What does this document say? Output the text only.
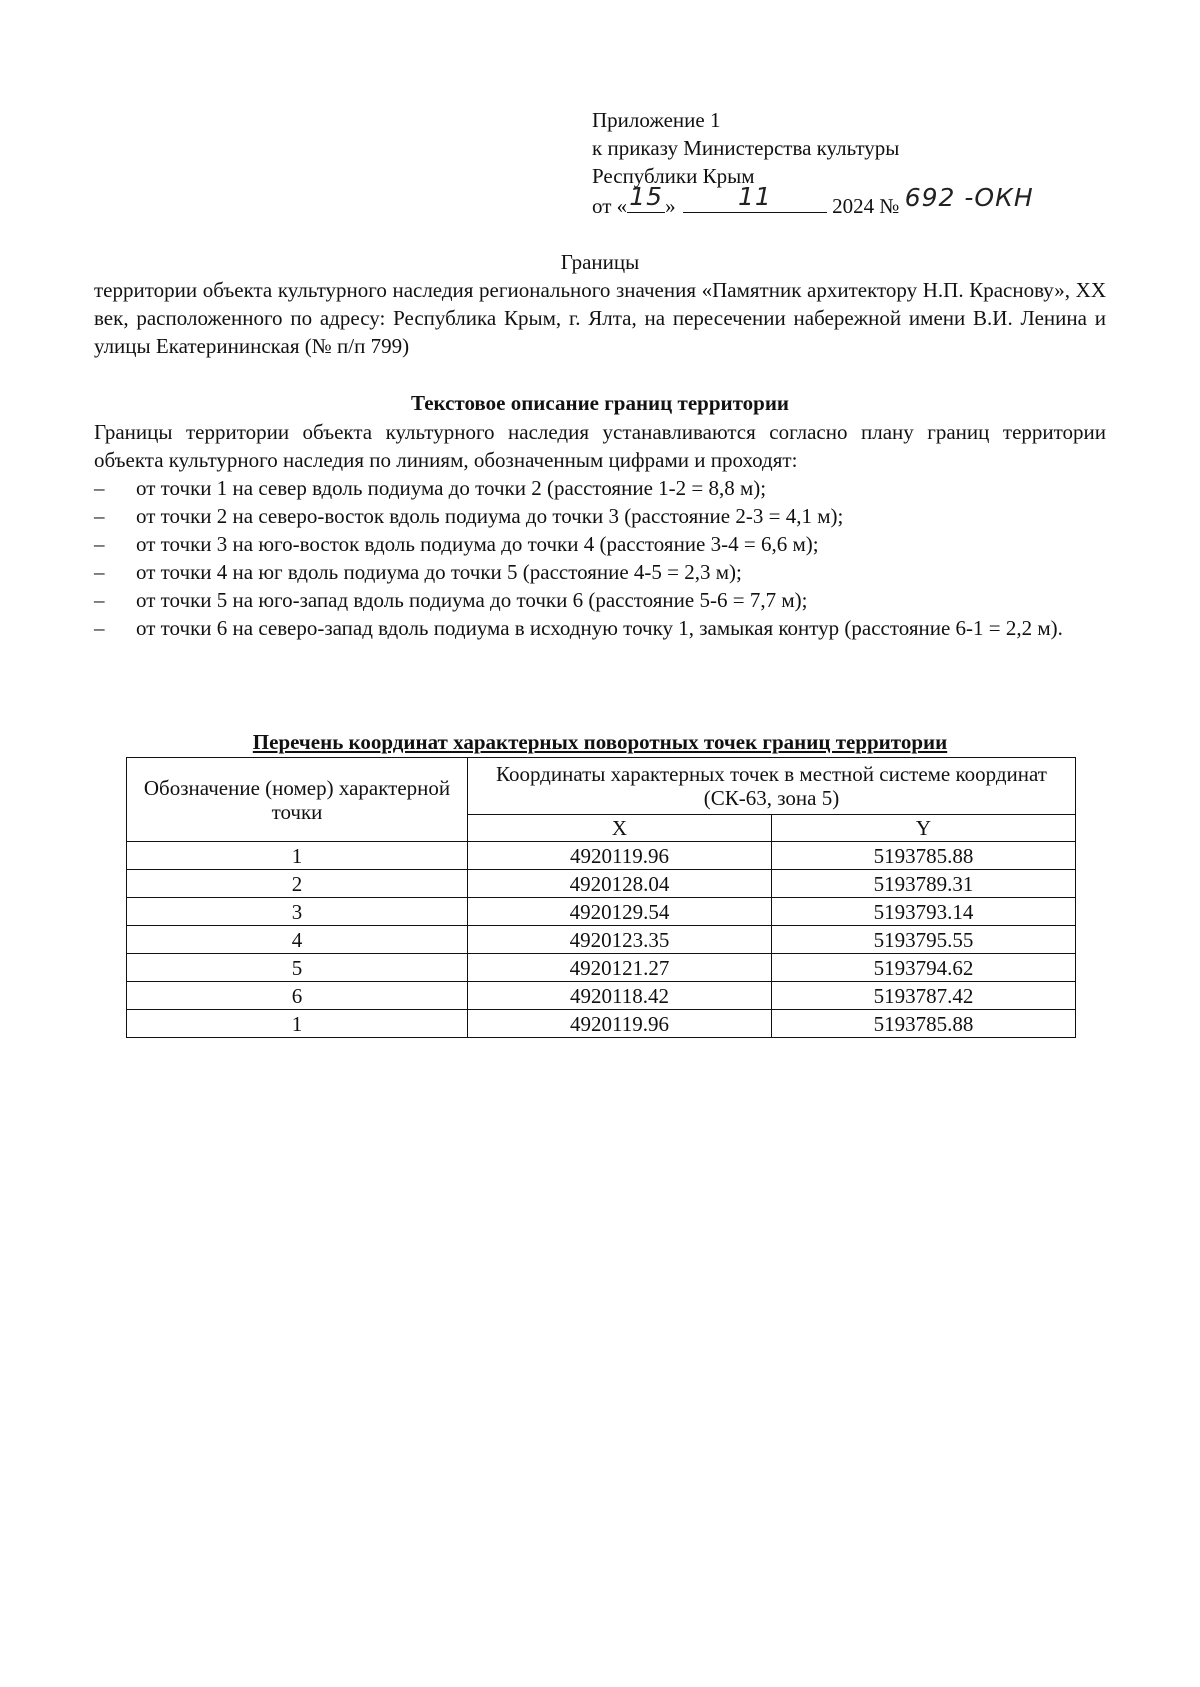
Приложение 1
к приказу Министерства культуры
Республики Крым
от « 15 »	11	2024 № 692 -ОКН
Границы
территории объекта культурного наследия регионального значения «Памятник архитектору Н.П. Краснову», XX век, расположенного по адресу: Республика Крым, г. Ялта, на пересечении набережной имени В.И. Ленина и улицы Екатерининская (№ п/п 799)
Текстовое описание границ территории
Границы территории объекта культурного наследия устанавливаются согласно плану границ территории объекта культурного наследия по линиям, обозначенным цифрами и проходят:
– от точки 1 на север вдоль подиума до точки 2 (расстояние 1-2 = 8,8 м);
– от точки 2 на северо-восток вдоль подиума до точки 3 (расстояние 2-3 = 4,1 м);
– от точки 3 на юго-восток вдоль подиума до точки 4 (расстояние 3-4 = 6,6 м);
– от точки 4 на юг вдоль подиума до точки 5 (расстояние 4-5 = 2,3 м);
– от точки 5 на юго-запад вдоль подиума до точки 6 (расстояние 5-6 = 7,7 м);
– от точки 6 на северо-запад вдоль подиума в исходную точку 1, замыкая контур (расстояние 6-1 = 2,2 м).
Перечень координат характерных поворотных точек границ территории
Обозначение (номер) характерной точки	Координаты характерных точек в местной системе координат (СК-63, зона 5)	
	X	Y
1	4920119.96	5193785.88
2	4920128.04	5193789.31
3	4920129.54	5193793.14
4	4920123.35	5193795.55
5	4920121.27	5193794.62
6	4920118.42	5193787.42
1	4920119.96	5193785.88
